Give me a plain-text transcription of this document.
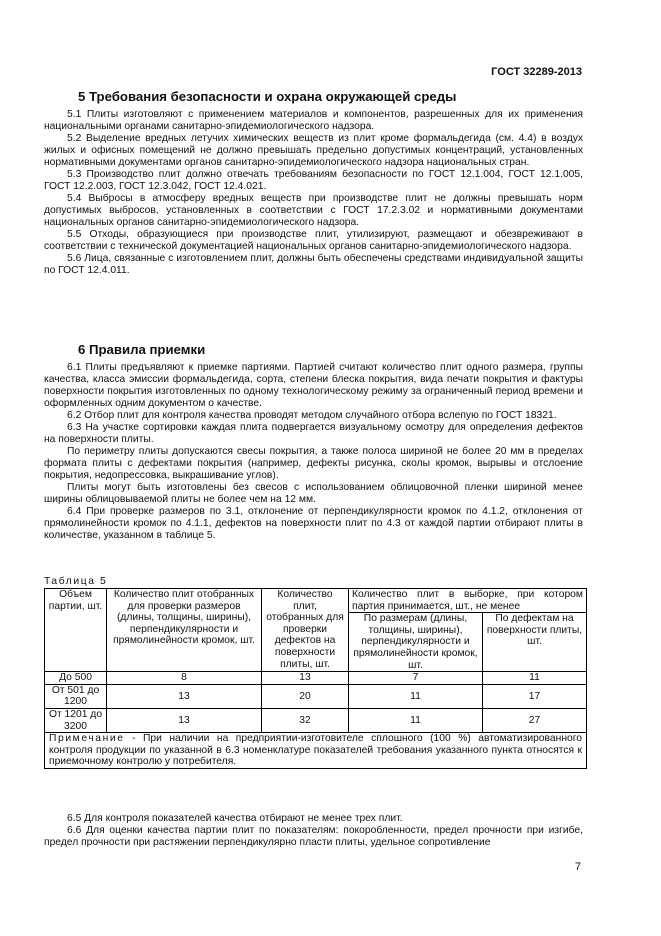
ГОСТ 32289-2013
5 Требования безопасности и охрана окружающей среды

5.1 Плиты изготовляют с применением материалов и компонентов, разрешенных для их применения национальными органами санитарно-эпидемиологического надзора.

5.2 Выделение вредных летучих химических веществ из плит кроме формальдегида (см. 4.4) в воздух жилых и офисных помещений не должно превышать предельно допустимых концентраций, установленных нормативными документами органов санитарно-эпидемиологического надзора национальных стран.

5.3 Производство плит должно отвечать требованиям безопасности по ГОСТ 12.1.004, ГОСТ 12.1.005, ГОСТ 12.2.003, ГОСТ 12.3.042, ГОСТ 12.4.021.

5.4 Выбросы в атмосферу вредных веществ при производстве плит не должны превышать норм допустимых выбросов, установленных в соответствии с ГОСТ 17.2.3.02 и нормативными документами национальных органов санитарно-эпидемиологического надзора.

5.5 Отходы, образующиеся при производстве плит, утилизируют, размещают и обезвреживают в соответствии с технической документацией национальных органов санитарно-эпидемиологического надзора.

5.6 Лица, связанные с изготовлением плит, должны быть обеспечены средствами индивидуальной защиты по ГОСТ 12.4.011.

6 Правила приемки

6.1 Плиты предъявляют к приемке партиями. Партией считают количество плит одного размера, группы качества, класса эмиссии формальдегида, сорта, степени блеска покрытия, вида печати покрытия и фактуры поверхности покрытия изготовленных по одному технологическому режиму за ограниченный период времени и оформленных одним документом о качестве.

6.2 Отбор плит для контроля качества проводят методом случайного отбора вслепую по ГОСТ 18321.

6.3 На участке сортировки каждая плита подвергается визуальному осмотру для определения дефектов на поверхности плиты.

По периметру плиты допускаются свесы покрытия, а также полоса шириной не более 20 мм в пределах формата плиты с дефектами покрытия (например, дефекты рисунка, сколы кромок, вырывы и отслоение покрытия, недопрессовка, выкрашивание углов).

Плиты могут быть изготовлены без свесов с использованием облицовочной пленки шириной менее ширины облицовываемой плиты не более чем на 12 мм.

6.4 При проверке размеров по 3.1, отклонение от перпендикулярности кромок по 4.1.2, отклонения от прямолинейности кромок по 4.1.1, дефектов на поверхности плит по 4.3 от каждой партии отбирают плиты в количестве, указанном в таблице 5.

Таблица 5
Объем партии, шт.	Количество плит отобранных для проверки размеров (длины, толщины, ширины), перпендикулярности и прямолинейности кромок, шт.	Количество плит, отобранных для проверки дефектов на поверхности плиты, шт.	Количество плит в выборке, при котором партия принимается, шт., не менее	
			По размерам (длины, толщины, ширины), перпендикулярности и прямолинейности кромок, шт.	По дефектам на поверхности плиты, шт.
До 500	8	13	7	11
От 501 до 1200	13	20	11	17
От 1201 до 3200	13	32	11	27
Примечание - При наличии на предприятии-изготовителе сплошного (100 %) автоматизированного контроля продукции по указанной в 6.3 номенклатуре показателей требования указанного пункта относятся к приемочному контролю у потребителя.				

6.5 Для контроля показателей качества отбирают не менее трех плит.

6.6 Для оценки качества партии плит по показателям: покоробленности, предел прочности при изгибе, предел прочности при растяжении перпендикулярно пласти плиты, удельное сопротивление

7
